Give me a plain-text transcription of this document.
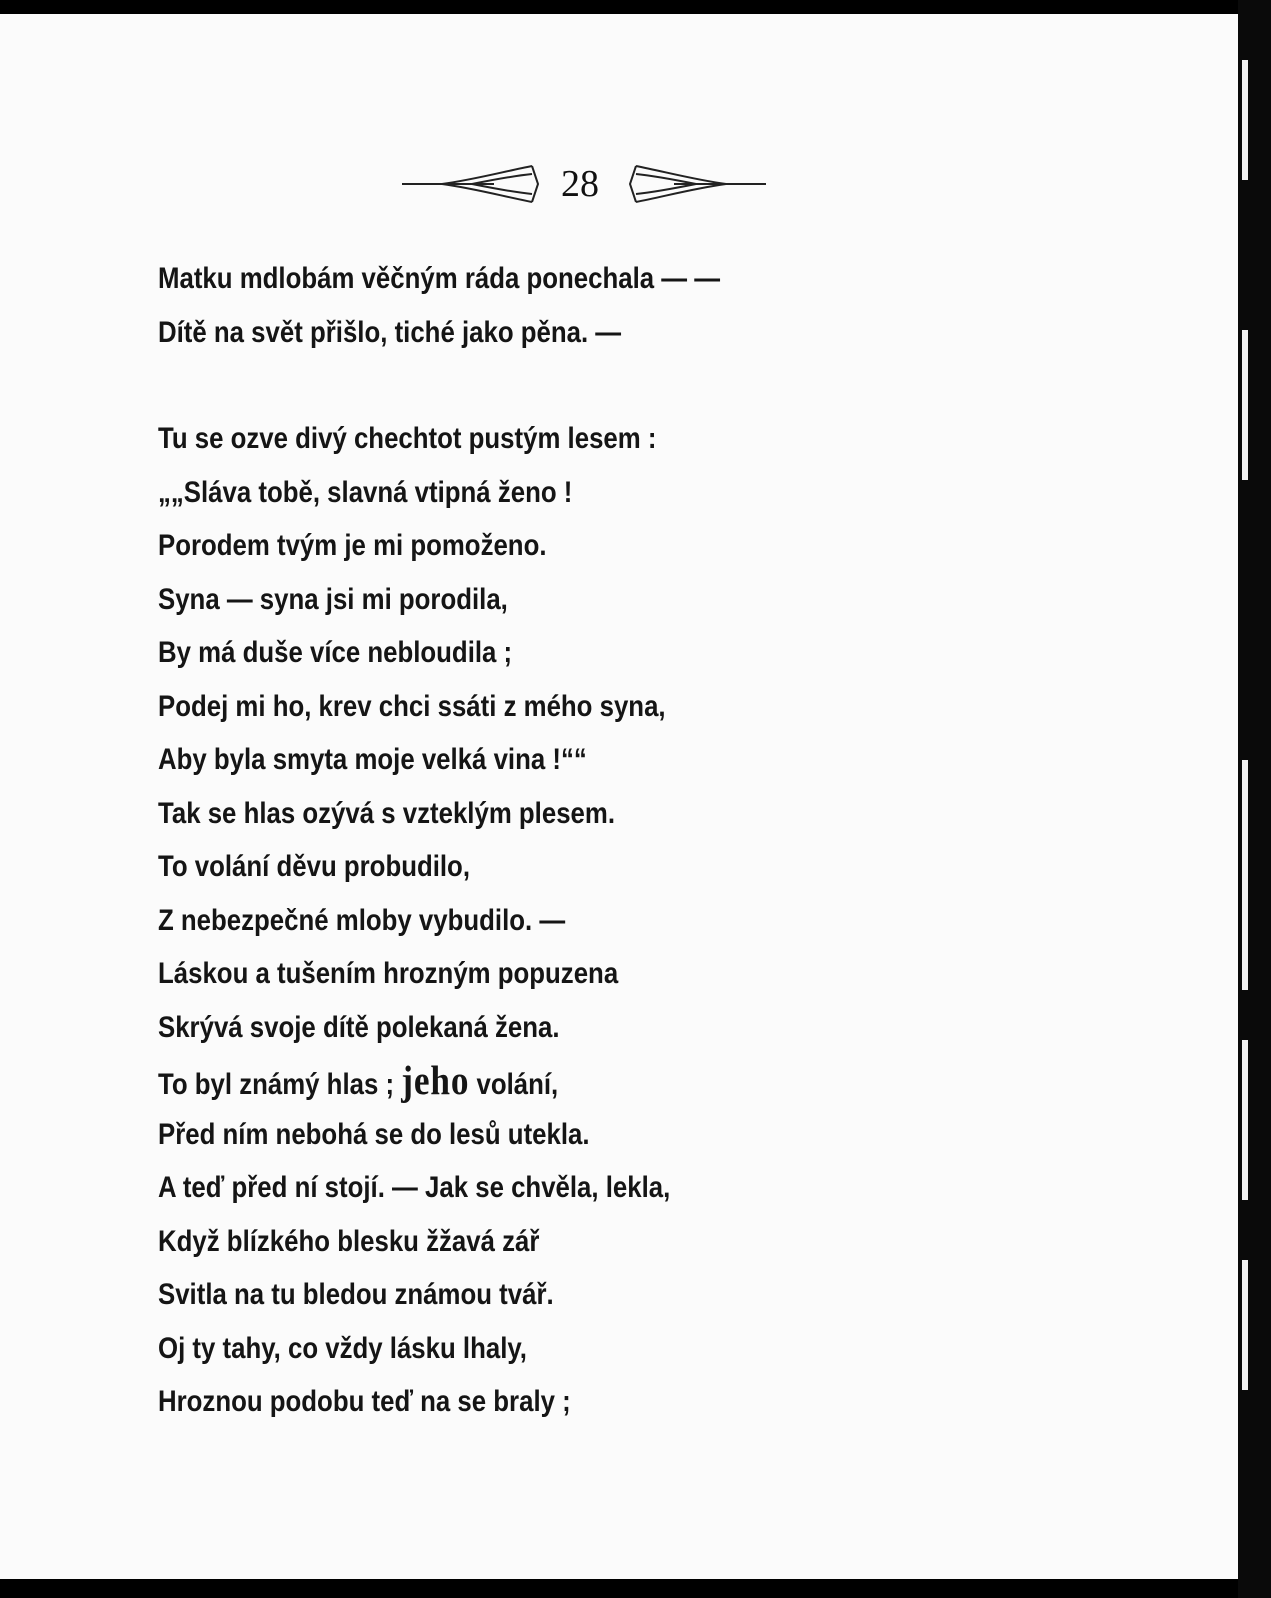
28
Matku mdlobám věčným ráda ponechala — —
Dítě na svět přišlo, tiché jako pěna. —
Tu se ozve divý chechtot pustým lesem :
„„Sláva tobě, slavná vtipná ženo !
Porodem tvým je mi pomoženo.
Syna — syna jsi mi porodila,
By má duše více nebloudila ;
Podej mi ho, krev chci ssáti z mého syna,
Aby byla smyta moje velká vina !““
Tak se hlas ozývá s vzteklým plesem.
To volání děvu probudilo,
Z nebezpečné mloby vybudilo. —
Láskou a tušením hrozným popuzena
Skrývá svoje dítě polekaná žena.
To byl známý hlas ; jeho volání,
Před ním nebohá se do lesů utekla.
A teď před ní stojí. — Jak se chvěla, lekla,
Když blízkého blesku žžavá zář
Svitla na tu bledou známou tvář.
Oj ty tahy, co vždy lásku lhaly,
Hroznou podobu teď na se braly ;
